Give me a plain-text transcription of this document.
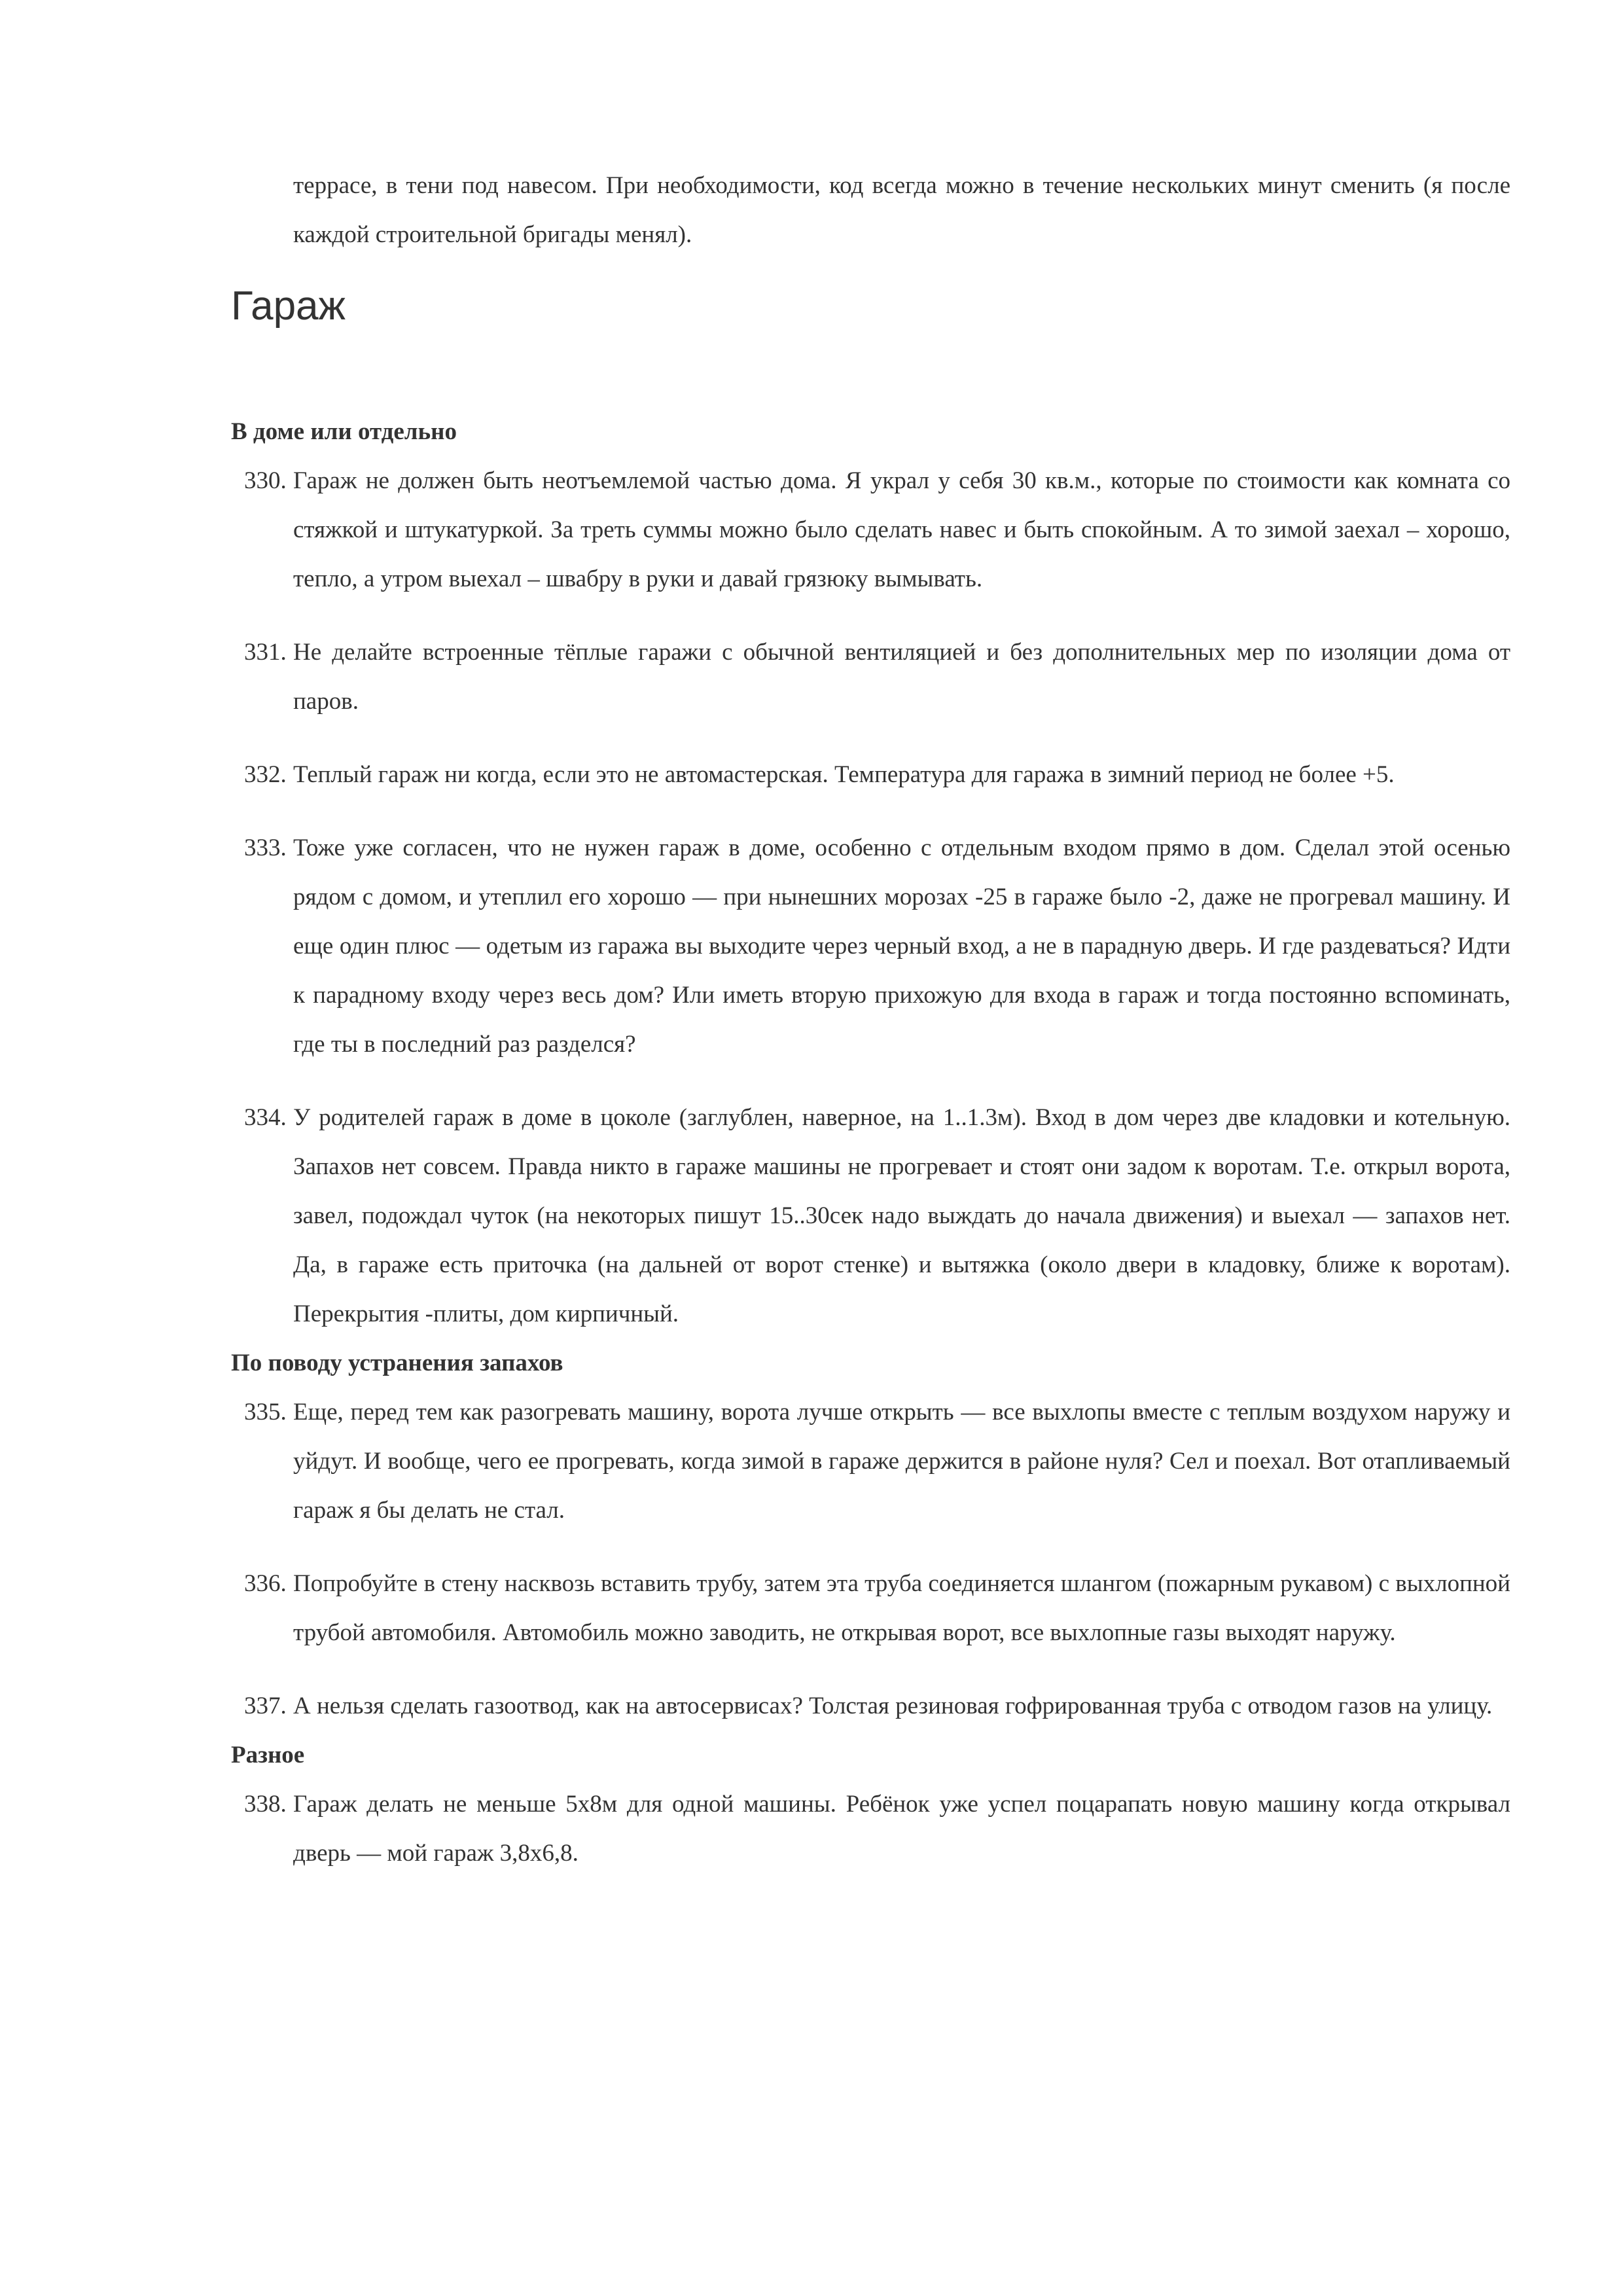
террасе, в тени под навесом. При необходимости, код всегда можно в течение нескольких минут сменить (я после каждой строительной бригады менял).

Гараж

В доме или отдельно

330. Гараж не должен быть неотъемлемой частью дома. Я украл у себя 30 кв.м., которые по стоимости как комната со стяжкой и штукатуркой. За треть суммы можно было сделать навес и быть спокойным. А то зимой заехал – хорошо, тепло, а утром выехал – швабру в руки и давай грязюку вымывать.

331. Не делайте встроенные тёплые гаражи с обычной вентиляцией и без дополнительных мер по изоляции дома от паров.

332. Теплый гараж ни когда, если это не автомастерская. Температура для гаража в зимний период не более +5.

333. Тоже уже согласен, что не нужен гараж в доме, особенно с отдельным входом прямо в дом. Сделал этой осенью рядом с домом, и утеплил его хорошо — при нынешних морозах -25 в гараже было -2, даже не прогревал машину. И еще один плюс — одетым из гаража вы выходите через черный вход, а не в парадную дверь. И где раздеваться? Идти к парадному входу через весь дом? Или иметь вторую прихожую для входа в гараж и тогда постоянно вспоминать, где ты в последний раз разделся?

334. У родителей гараж в доме в цоколе (заглублен, наверное, на 1..1.3м). Вход в дом через две кладовки и котельную. Запахов нет совсем. Правда никто в гараже машины не прогревает и стоят они задом к воротам. Т.е. открыл ворота, завел, подождал чуток (на некоторых пишут 15..30сек надо выждать до начала движения) и выехал — запахов нет. Да, в гараже есть приточка (на дальней от ворот стенке) и вытяжка (около двери в кладовку, ближе к воротам). Перекрытия -плиты, дом кирпичный.

По поводу устранения запахов

335. Еще, перед тем как разогревать машину, ворота лучше открыть — все выхлопы вместе с теплым воздухом наружу и уйдут. И вообще, чего ее прогревать, когда зимой в гараже держится в районе нуля? Сел и поехал. Вот отапливаемый гараж я бы делать не стал.

336. Попробуйте в стену насквозь вставить трубу, затем эта труба соединяется шлангом (пожарным рукавом) с выхлопной трубой автомобиля. Автомобиль можно заводить, не открывая ворот, все выхлопные газы выходят наружу.

337. А нельзя сделать газоотвод, как на автосервисах? Толстая резиновая гофрированная труба с отводом газов на улицу.

Разное

338. Гараж делать не меньше 5х8м для одной машины. Ребёнок уже успел поцарапать новую машину когда открывал дверь — мой гараж 3,8х6,8.
